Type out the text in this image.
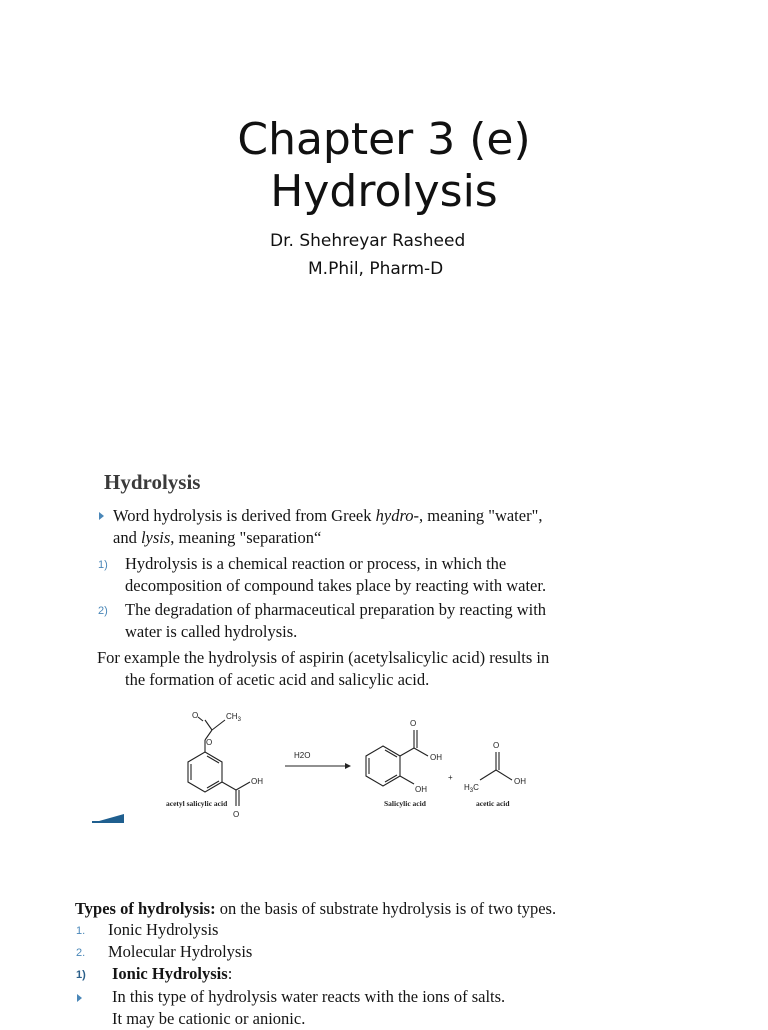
Chapter 3 (e)
Hydrolysis
Dr. Shehreyar Rasheed
M.Phil, Pharm-D
Hydrolysis
Word hydrolysis is derived from Greek hydro-, meaning "water",
and lysis, meaning "separation“
1) Hydrolysis is a chemical reaction or process, in which the
decomposition of compound takes place by reacting with water.
2) The degradation of pharmaceutical preparation by reacting with
water is called hydrolysis.
For example the hydrolysis of aspirin (acetylsalicylic acid) results in
the formation of acetic acid and salicylic acid.
O	$CH_3$
O
OH
O
acetyl salicylic acid
H2O
O
OH
OH
Salicylic acid
+
O
OH
$H_3C$
acetic acid
Types of hydrolysis: on the basis of substrate hydrolysis is of two types.
1. Ionic Hydrolysis
2. Molecular Hydrolysis
1) Ionic Hydrolysis:
In this type of hydrolysis water reacts with the ions of salts.
It may be cationic or anionic.
